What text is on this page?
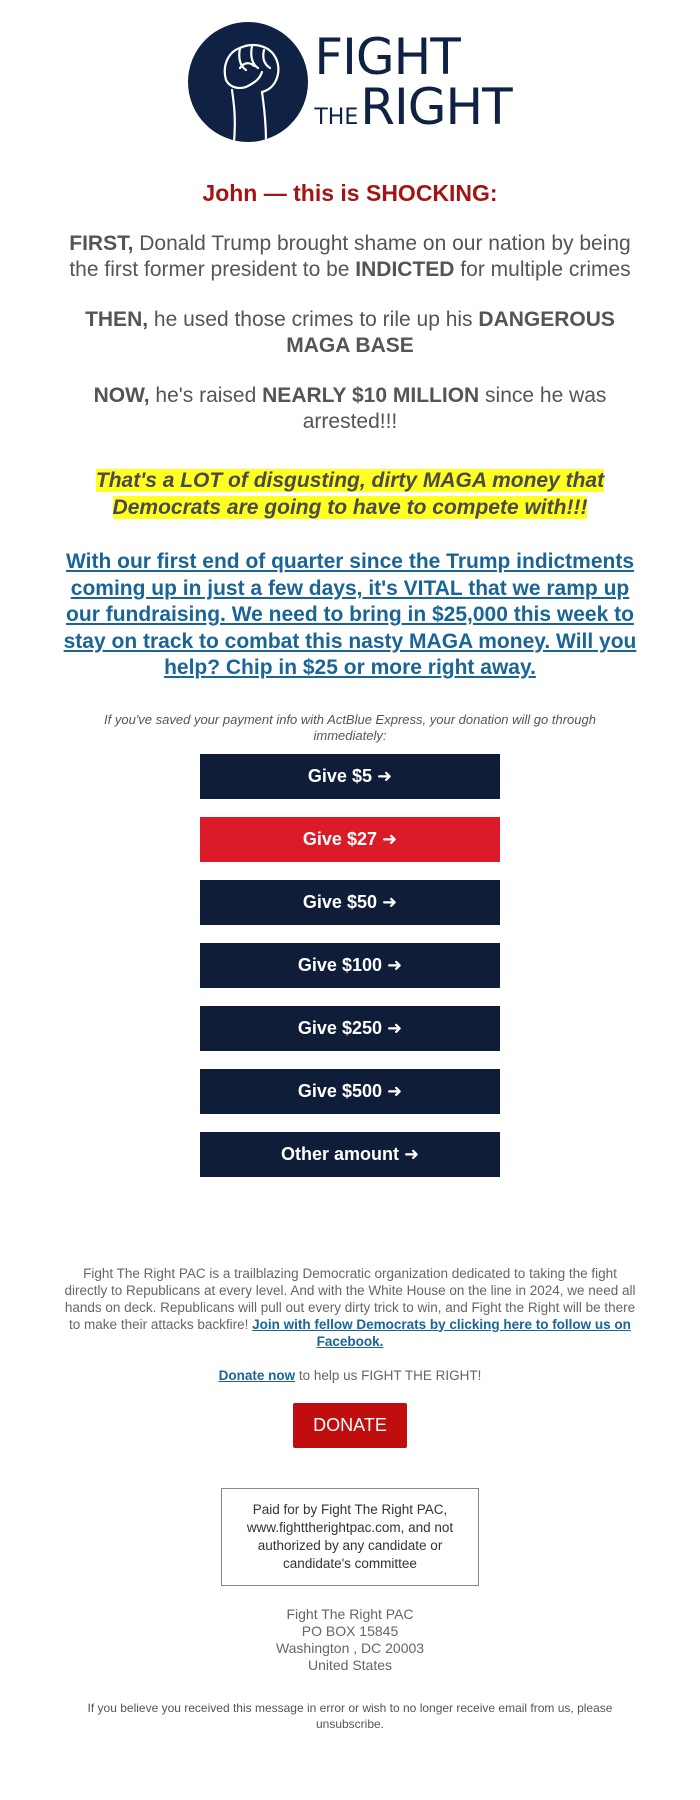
FIGHT
THE RIGHT
John — this is SHOCKING:
FIRST, Donald Trump brought shame on our nation by being the first former president to be INDICTED for multiple crimes
THEN, he used those crimes to rile up his DANGEROUS MAGA BASE
NOW, he's raised NEARLY $10 MILLION since he was arrested!!!
That's a LOT of disgusting, dirty MAGA money that Democrats are going to have to compete with!!!
With our first end of quarter since the Trump indictments coming up in just a few days, it's VITAL that we ramp up our fundraising. We need to bring in $25,000 this week to stay on track to combat this nasty MAGA money. Will you help? Chip in $25 or more right away.
If you've saved your payment info with ActBlue Express, your donation will go through immediately:
Give $5 ➜
Give $27 ➜
Give $50 ➜
Give $100 ➜
Give $250 ➜
Give $500 ➜
Other amount ➜
Fight The Right PAC is a trailblazing Democratic organization dedicated to taking the fight directly to Republicans at every level. And with the White House on the line in 2024, we need all hands on deck. Republicans will pull out every dirty trick to win, and Fight the Right will be there to make their attacks backfire! Join with fellow Democrats by clicking here to follow us on Facebook.
Donate now to help us FIGHT THE RIGHT!
DONATE
Paid for by Fight The Right PAC, www.fighttherightpac.com, and not authorized by any candidate or candidate's committee
Fight The Right PAC
PO BOX 15845
Washington , DC 20003
United States
If you believe you received this message in error or wish to no longer receive email from us, please unsubscribe.
